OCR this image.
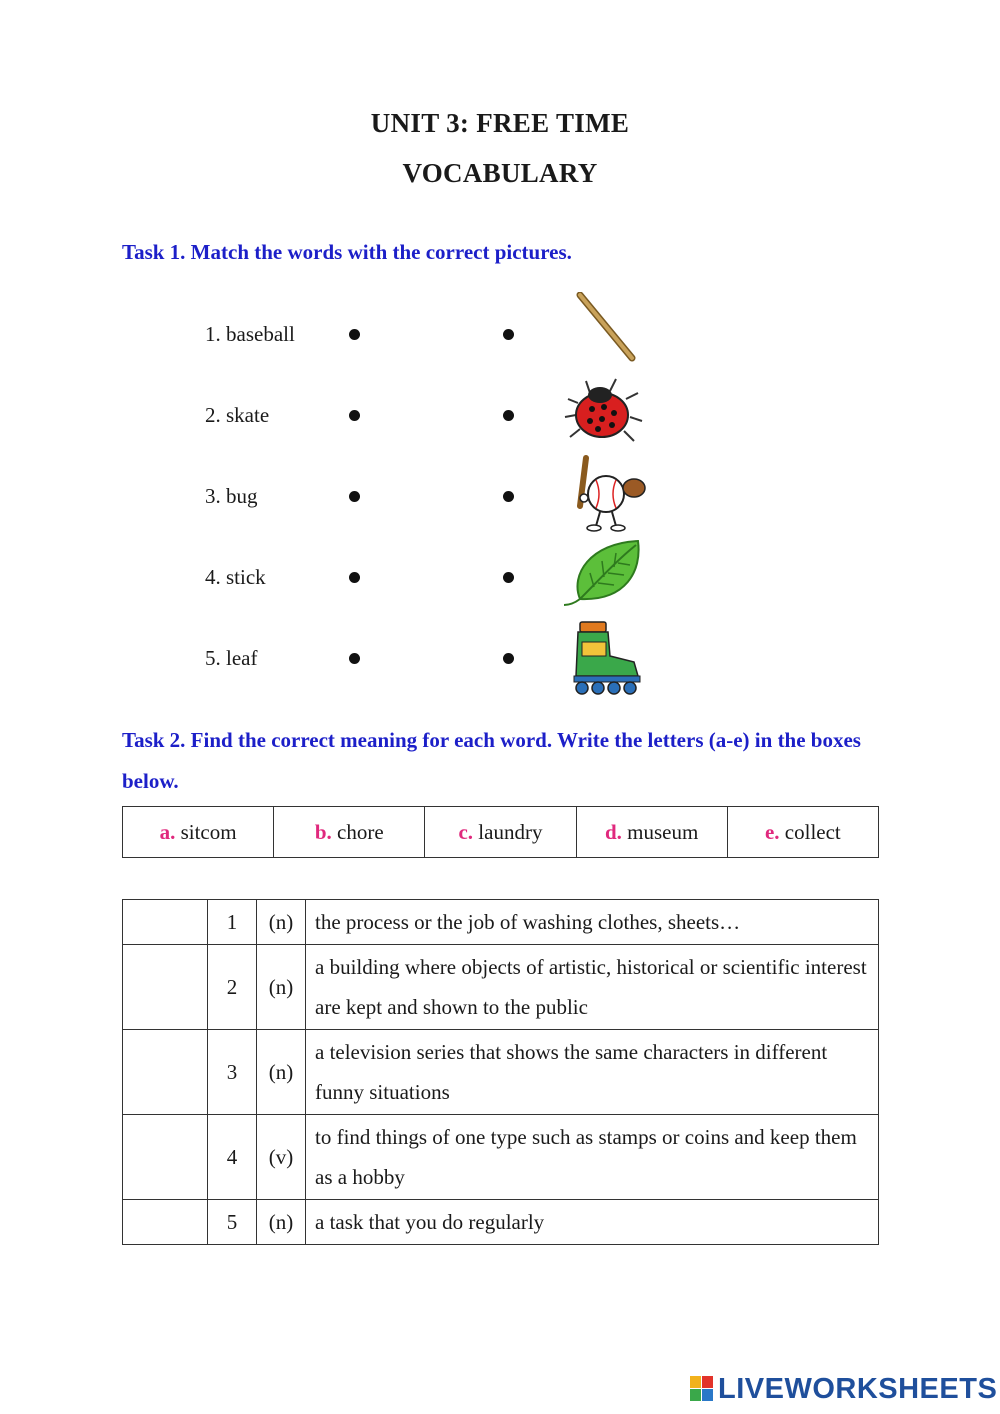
UNIT 3: FREE TIME
VOCABULARY
Task 1. Match the words with the correct pictures.
1. baseball
2. skate
3. bug
4. stick
5. leaf
Task 2. Find the correct meaning for each word. Write the letters (a-e) in the boxes below.
a. sitcom	b. chore	c. laundry	d. museum	e. collect
	1	(n)	the process or the job of washing clothes, sheets…
	2	(n)	a building where objects of artistic, historical or scientific interest are kept and shown to the public
	3	(n)	a television series that shows the same characters in different funny situations
	4	(v)	to find things of one type such as stamps or coins and keep them as a hobby
	5	(n)	a task that you do regularly
LIVEWORKSHEETS
